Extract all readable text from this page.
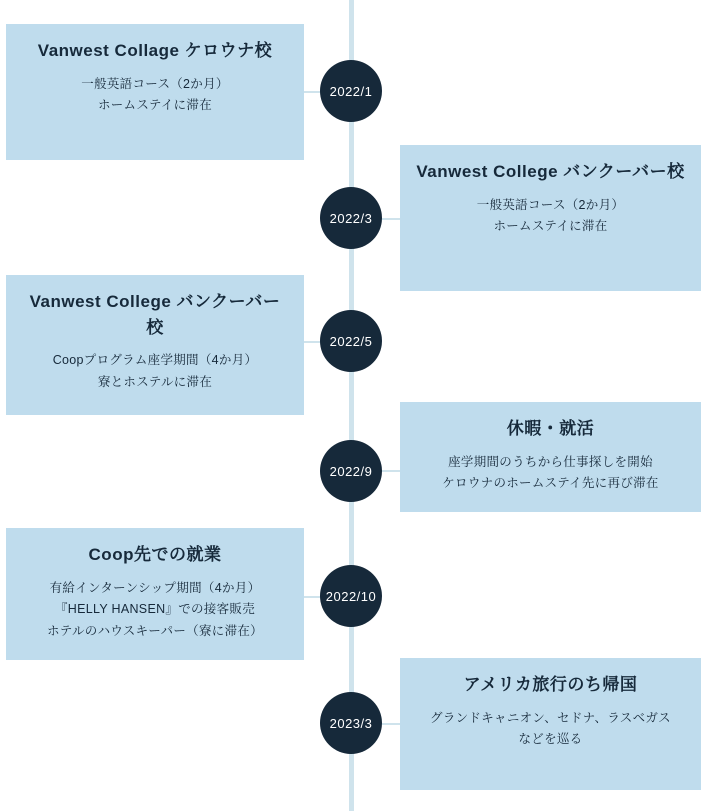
Vanwest Collage ケロウナ校
一般英語コース（2か月）
ホームステイに滞在
2022/1
Vanwest College バンクーバー校
一般英語コース（2か月）
ホームステイに滞在
2022/3
Vanwest College バンクーバー校
Coopプログラム座学期間（4か月）
寮とホステルに滞在
2022/5
休暇・就活
座学期間のうちから仕事探しを開始
ケロウナのホームステイ先に再び滞在
2022/9
Coop先での就業
有給インターンシップ期間（4か月）
『HELLY HANSEN』での接客販売
ホテルのハウスキーパー（寮に滞在）
2022/10
アメリカ旅行のち帰国
グランドキャニオン、セドナ、ラスベガス
などを巡る
2023/3
